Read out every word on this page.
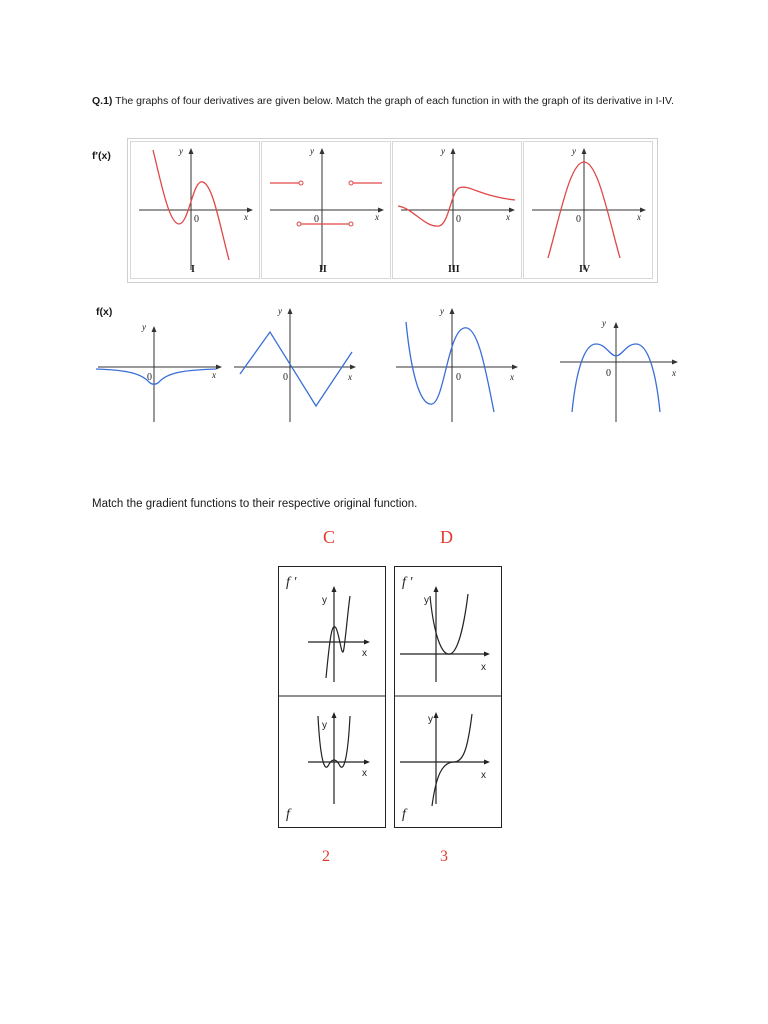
Q.1) The graphs of four derivatives are given below. Match the graph of each function in with the graph of its derivative in I-IV.
f'(x)
f(x)
y
x
0
y
x
0
y
x
0
y
x
0
I	II	III	IV
y
x
0
y
x
0
y
x
0
y
x
0
Match the gradient functions to their respective original function.
C	D
f ′	f ′
f	f
y
x
y
x
y
x
y
x
2	3
